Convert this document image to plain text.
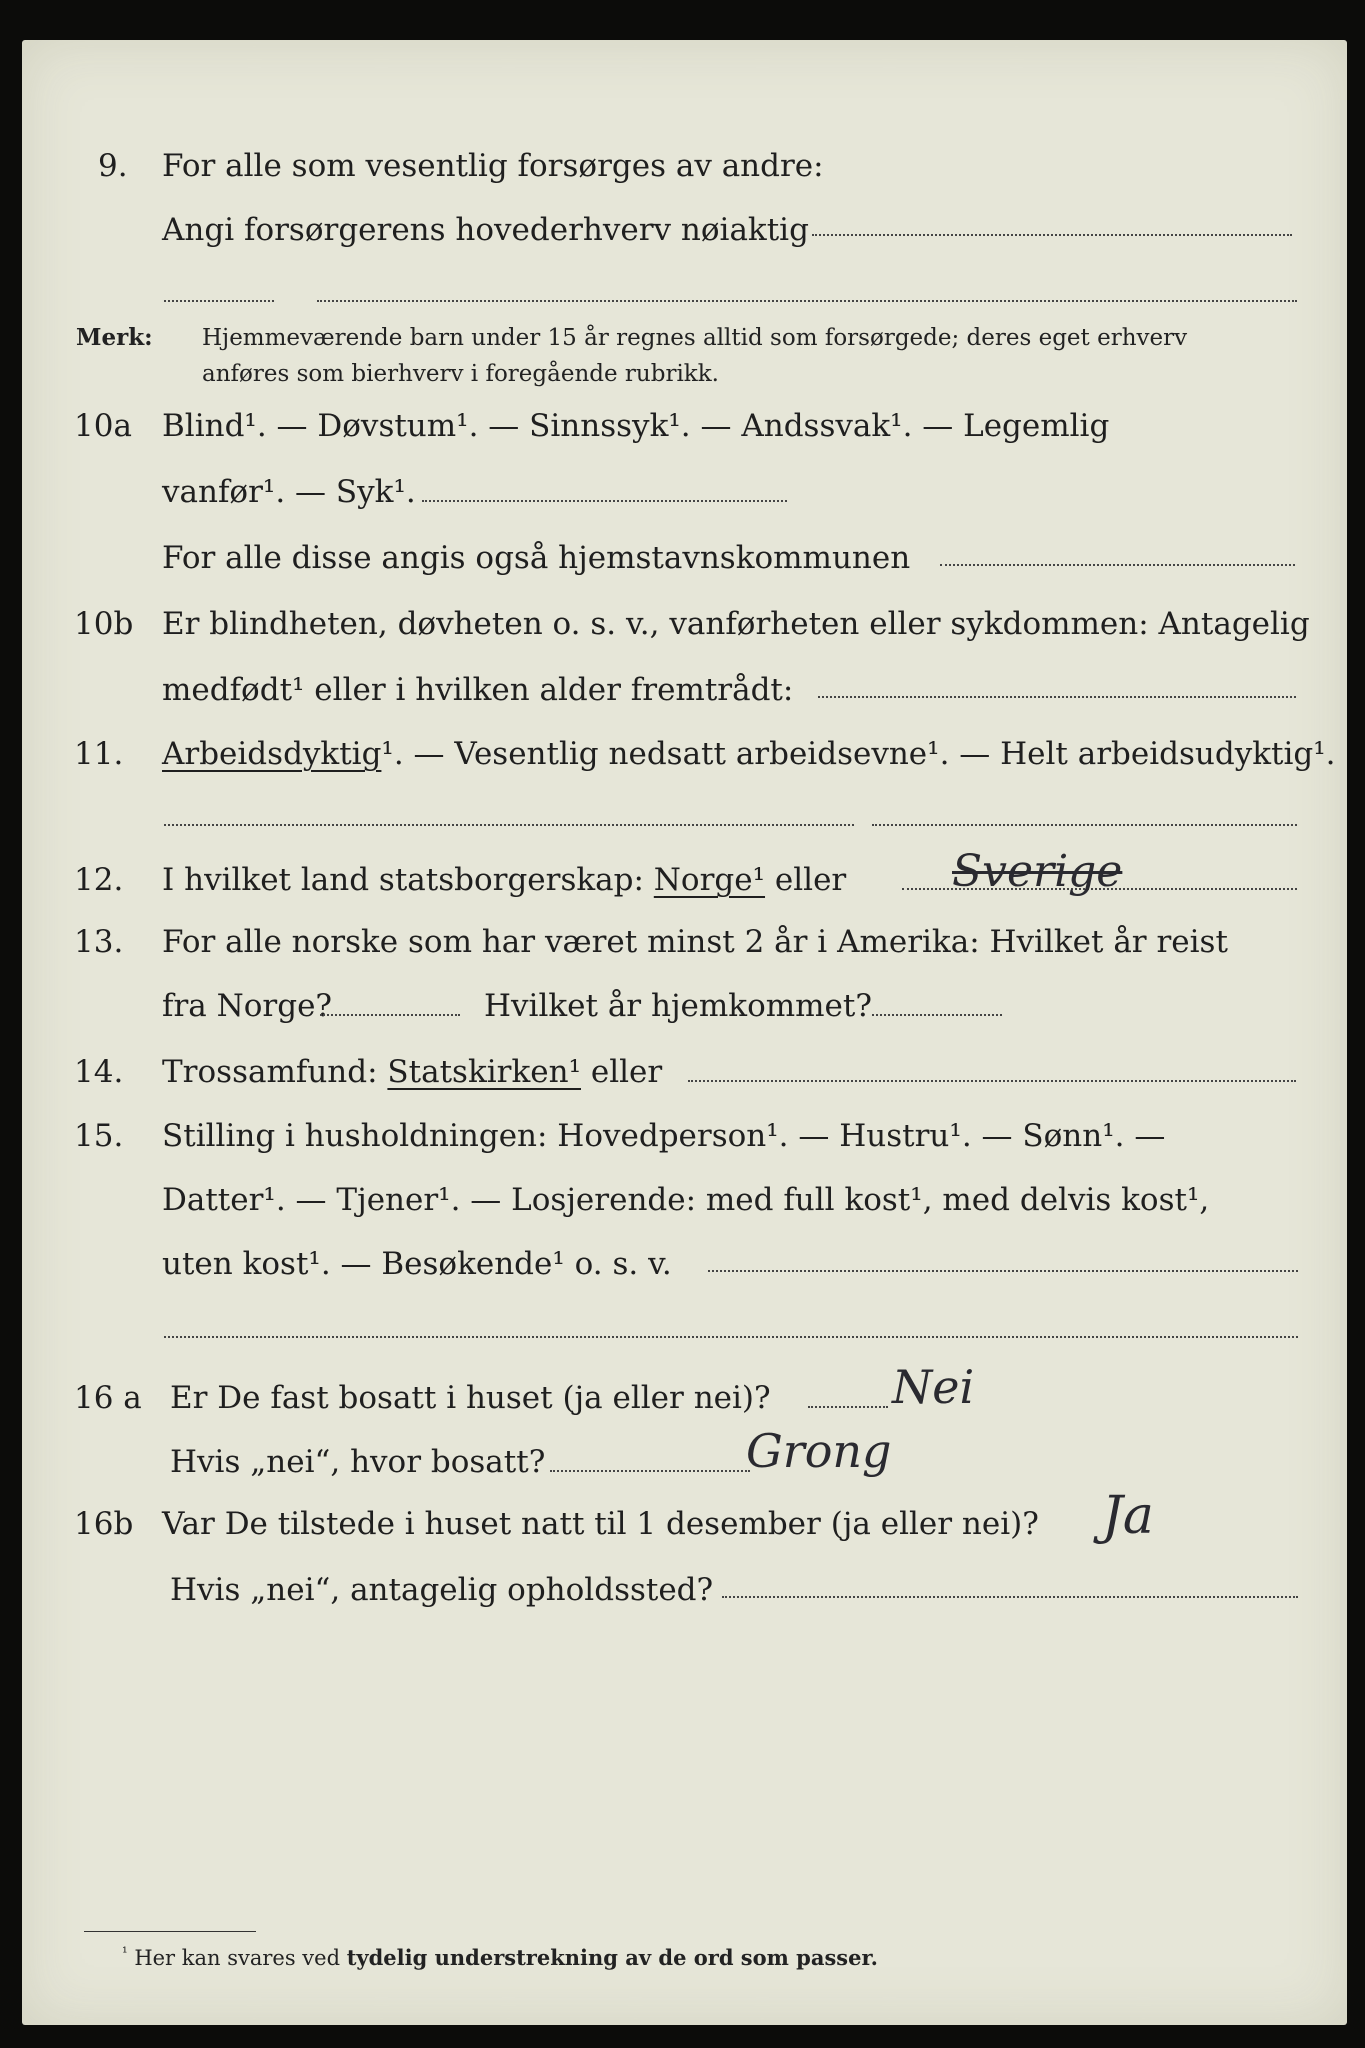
9. For alle som vesentlig forsørges av andre:
Angi forsørgerens hovederhverv nøiaktig
Merk: Hjemmeværende barn under 15 år regnes alltid som forsørgede; deres eget erhverv
anføres som bierhverv i foregående rubrikk.
10a Blind¹. — Døvstum¹. — Sinnssyk¹. — Andssvak¹. — Legemlig
vanfør¹. — Syk¹.
For alle disse angis også hjemstavnskommunen
10b Er blindheten, døvheten o. s. v., vanførheten eller sykdommen: Antagelig
medfødt¹ eller i hvilken alder fremtrådt:
11. Arbeidsdyktig¹. — Vesentlig nedsatt arbeidsevne¹. — Helt arbeidsudyktig¹.
12. I hvilket land statsborgerskap: Norge¹ eller Sverige
13. For alle norske som har været minst 2 år i Amerika: Hvilket år reist
fra Norge?	Hvilket år hjemkommet?
14. Trossamfund: Statskirken¹ eller
15. Stilling i husholdningen: Hovedperson¹. — Hustru¹. — Sønn¹. —
Datter¹. — Tjener¹. — Losjerende: med full kost¹, med delvis kost¹,
uten kost¹. — Besøkende¹ o. s. v.
16 a Er De fast bosatt i huset (ja eller nei)?	Nei
Hvis „nei“, hvor bosatt?	Grong
16b Var De tilstede i huset natt til 1 desember (ja eller nei)? Ja
Hvis „nei“, antagelig opholdssted?
$^{^1}$ Her kan svares ved tydelig understrekning av de ord som passer.
